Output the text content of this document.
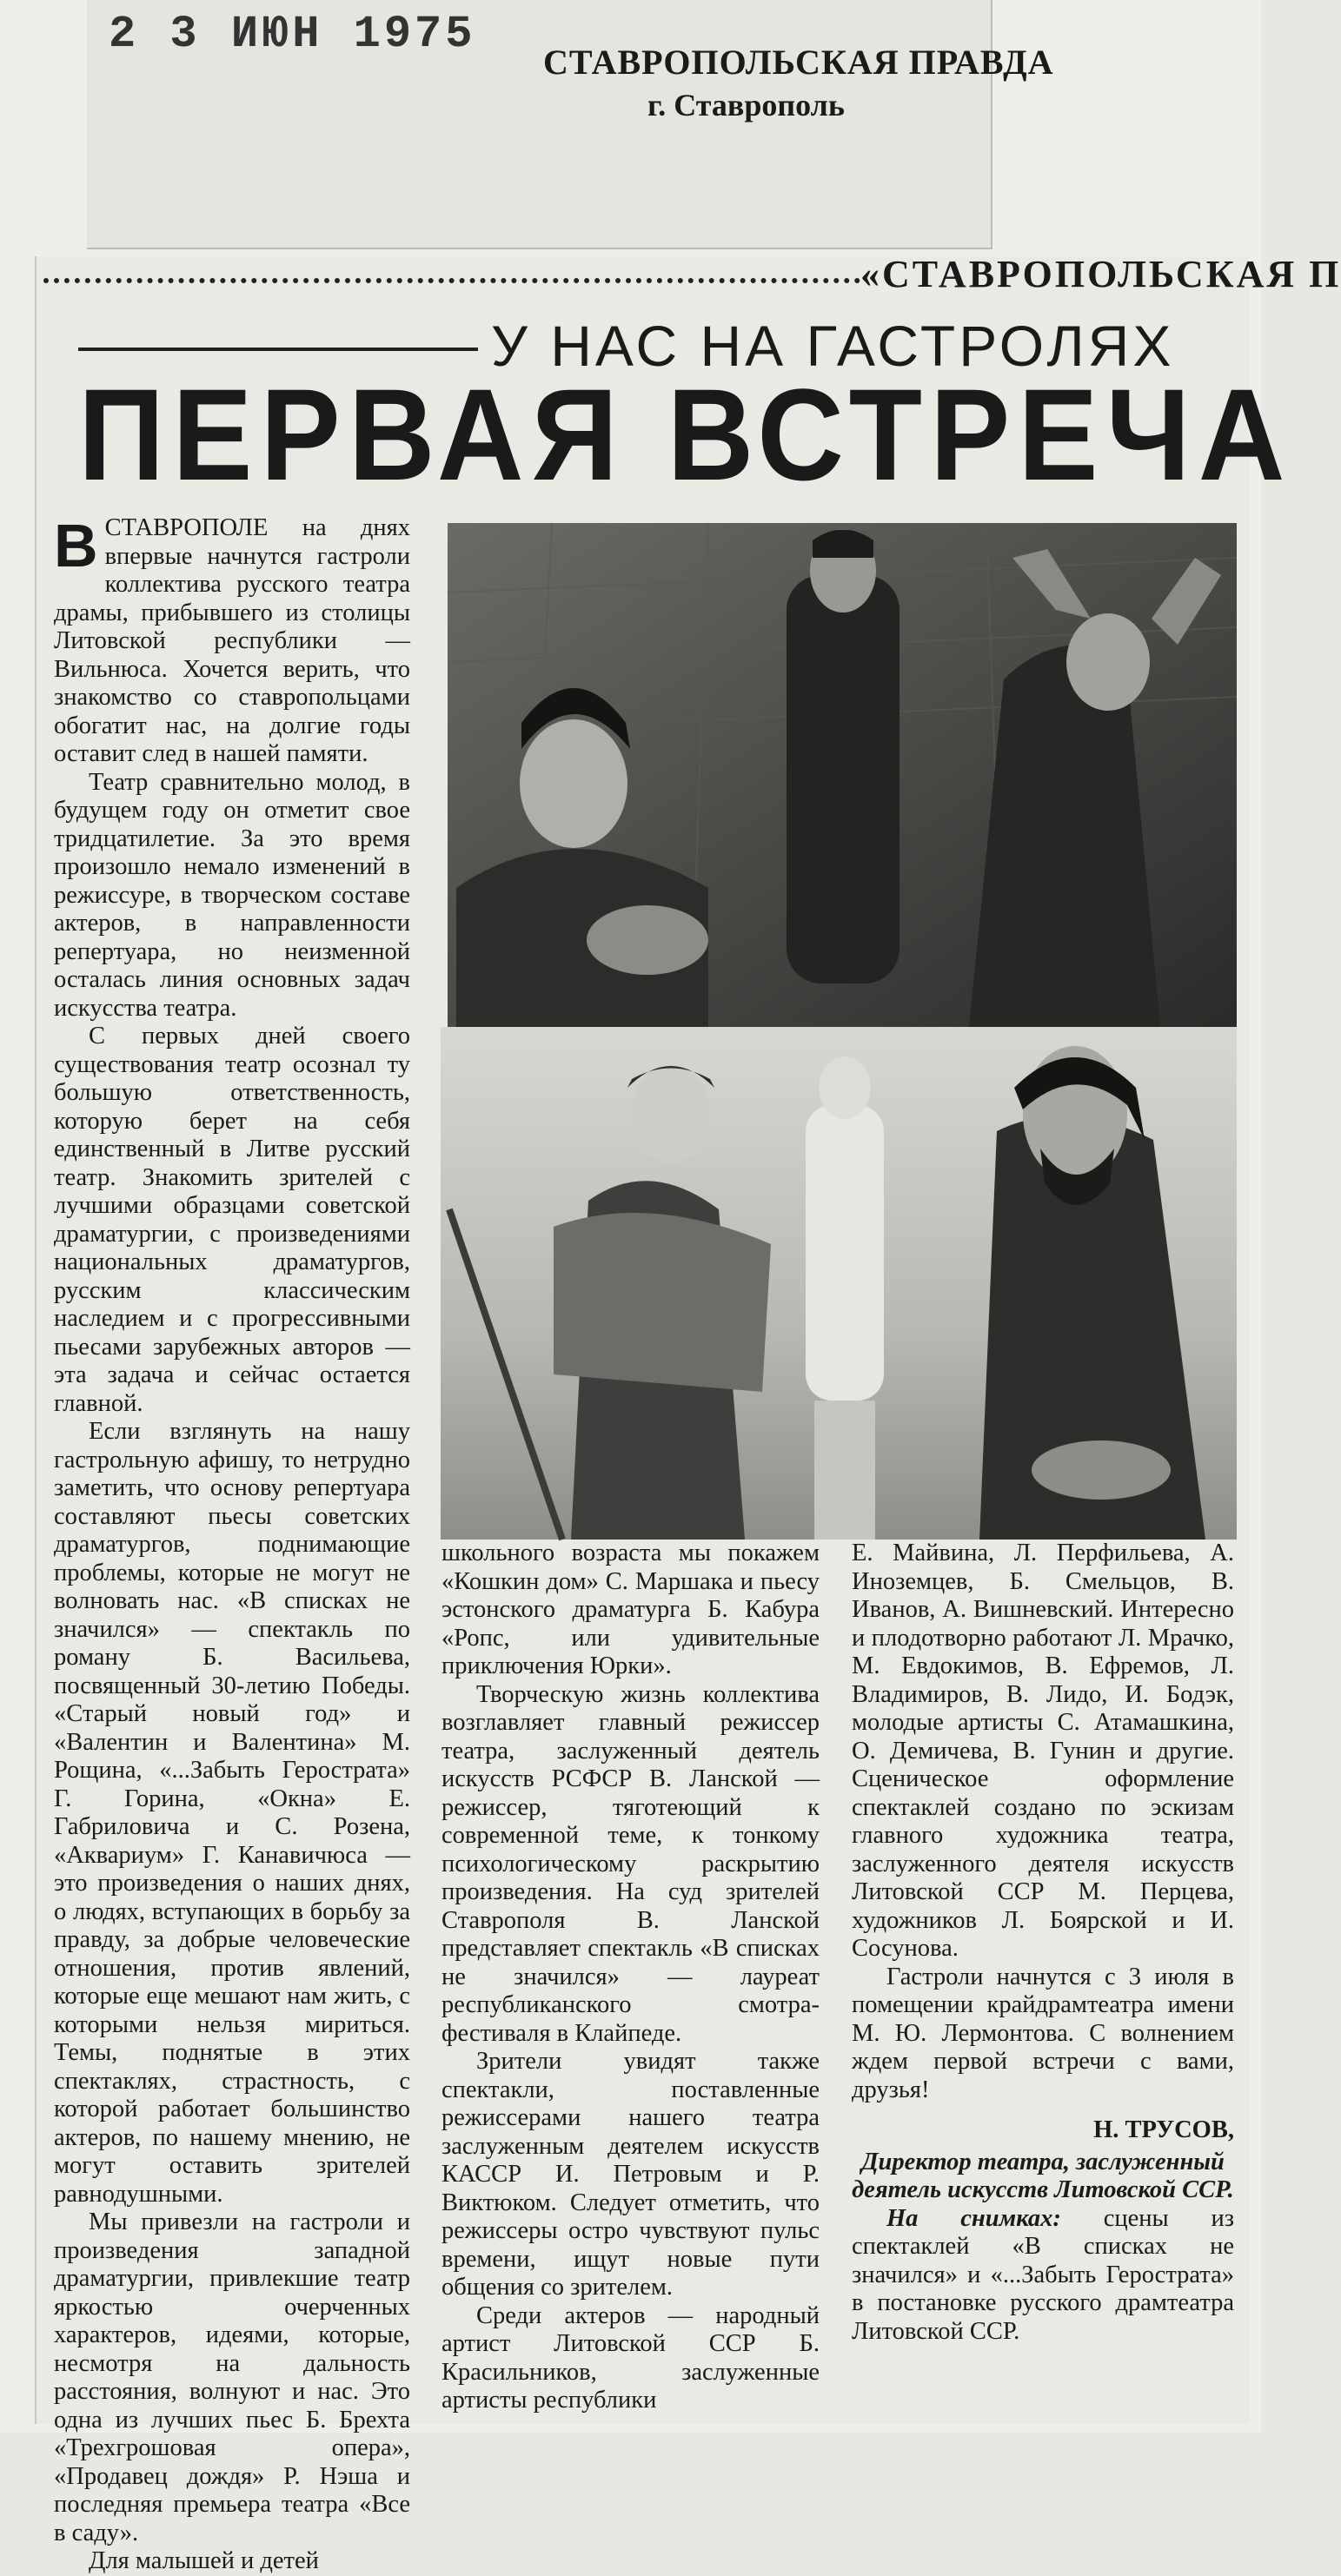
2 3 ИЮН 1975
СТАВРОПОЛЬСКАЯ ПРАВДА
г. Ставрополь
«СТАВРОПОЛЬСКАЯ П
У НАС НА ГАСТРОЛЯХ
ПЕРВАЯ ВСТРЕЧА

ВСТАВРОПОЛЕ на днях впервые начнутся гастроли коллектива русского театра драмы, прибывшего из столицы Литовской республики — Вильнюса. Хочется верить, что знакомство со ставропольцами обогатит нас, на долгие годы оставит след в нашей памяти.

Театр сравнительно молод, в будущем году он отметит свое тридцатилетие. За это время произошло немало изменений в режиссуре, в творческом составе актеров, в направленности репертуара, но неизменной осталась линия основных задач искусства театра.

С первых дней своего существования театр осознал ту большую ответственность, которую берет на себя единственный в Литве русский театр. Знакомить зрителей с лучшими образцами советской драматургии, с произведениями национальных драматургов, русским классическим наследием и с прогрессивными пьесами зарубежных авторов — эта задача и сейчас остается главной.

Если взглянуть на нашу гастрольную афишу, то нетрудно заметить, что основу репертуара составляют пьесы советских драматургов, поднимающие проблемы, которые не могут не волновать нас. «В списках не значился» — спектакль по роману Б. Васильева, посвященный 30-летию Победы. «Старый новый год» и «Валентин и Валентина» М. Рощина, «...Забыть Герострата» Г. Горина, «Окна» Е. Габриловича и С. Розена, «Аквариум» Г. Канавичюса — это произведения о наших днях, о людях, вступающих в борьбу за правду, за добрые человеческие отношения, против явлений, которые еще мешают нам жить, с которыми нельзя мириться. Темы, поднятые в этих спектаклях, страстность, с которой работает большинство актеров, по нашему мнению, не могут оставить зрителей равнодушными.

Мы привезли на гастроли и произведения западной драматургии, привлекшие театр яркостью очерченных характеров, идеями, которые, несмотря на дальность расстояния, волнуют и нас. Это одна из лучших пьес Б. Брехта «Трехгрошовая опера», «Продавец дождя» Р. Нэша и последняя премьера театра «Все в саду».

Для малышей и детей

школьного возраста мы покажем «Кошкин дом» С. Маршака и пьесу эстонского драматурга Б. Кабура «Ропс, или удивительные приключения Юрки».

Творческую жизнь коллектива возглавляет главный режиссер театра, заслуженный деятель искусств РСФСР В. Ланской — режиссер, тяготеющий к современной теме, к тонкому психологическому раскрытию произведения. На суд зрителей Ставрополя В. Ланской представляет спектакль «В списках не значился» — лауреат республиканского смотра-фестиваля в Клайпеде.

Зрители увидят также спектакли, поставленные режиссерами нашего театра заслуженным деятелем искусств КАССР И. Петровым и Р. Виктюком. Следует отметить, что режиссеры остро чувствуют пульс времени, ищут новые пути общения со зрителем.

Среди актеров — народный артист Литовской ССР Б. Красильников, заслуженные артисты республики

Е. Майвина, Л. Перфильева, А. Иноземцев, Б. Смельцов, В. Иванов, А. Вишневский. Интересно и плодотворно работают Л. Мрачко, М. Евдокимов, В. Ефремов, Л. Владимиров, В. Лидо, И. Бодэк, молодые артисты С. Атамашкина, О. Демичева, В. Гунин и другие. Сценическое оформление спектаклей создано по эскизам главного художника театра, заслуженного деятеля искусств Литовской ССР М. Перцева, художников Л. Боярской и И. Сосунова.

Гастроли начнутся с 3 июля в помещении крайдрамтеатра имени М. Ю. Лермонтова. С волнением ждем первой встречи с вами, друзья!

Н. ТРУСОВ,
Директор театра, заслуженный деятель искусств Литовской ССР.

На снимках: сцены из спектаклей «В списках не значился» и «...Забыть Герострата» в постановке русского драмтеатра Литовской ССР.
